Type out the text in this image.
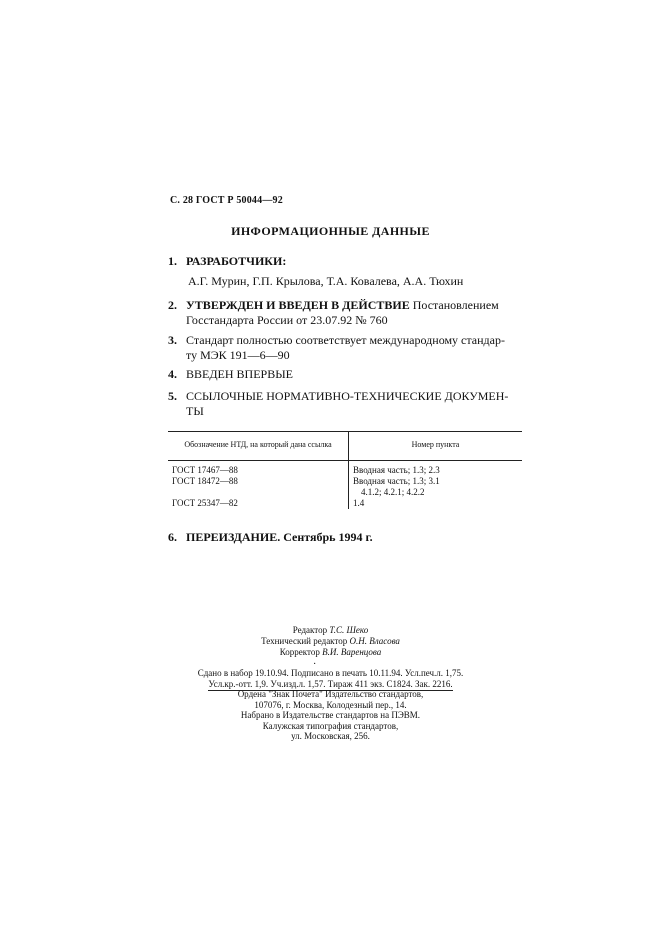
С. 28 ГОСТ Р 50044—92
ИНФОРМАЦИОННЫЕ ДАННЫЕ
1. РАЗРАБОТЧИКИ:
А.Г. Мурин, Г.П. Крылова, Т.А. Ковалева, А.А. Тюхин
2. УТВЕРЖДЕН И ВВЕДЕН В ДЕЙСТВИЕ Постановлением
Госстандарта России от 23.07.92 № 760
3. Стандарт полностью соответствует международному стандар-
ту МЭК 191—6—90
4. ВВЕДЕН ВПЕРВЫЕ
5. ССЫЛОЧНЫЕ НОРМАТИВНО-ТЕХНИЧЕСКИЕ ДОКУМЕН-
ТЫ
Обозначение НТД, на который дана ссылка	Номер пункта
ГОСТ 17467—88	Вводная часть; 1.3; 2.3
ГОСТ 18472—88	Вводная часть; 1.3; 3.1
4.1.2; 4.2.1; 4.2.2

ГОСТ 25347—82	1.4
6. ПЕРЕИЗДАНИЕ. Сентябрь 1994 г.
Редактор Т.С. Шеко
Технический редактор О.Н. Власова
Корректор В.И. Варенцова
·
Сдано в набор 19.10.94. Подписано в печать 10.11.94. Усл.печ.л. 1,75.
Усл.кр.-отт. 1,9. Уч.изд.л. 1,57. Тираж 411 экз. С1824. Зак. 2216.
Ордена "Знак Почета" Издательство стандартов,
107076, г. Москва, Колодезный пер., 14.
Набрано в Издательстве стандартов на ПЭВМ.
Калужская типография стандартов,
ул. Московская, 256.
